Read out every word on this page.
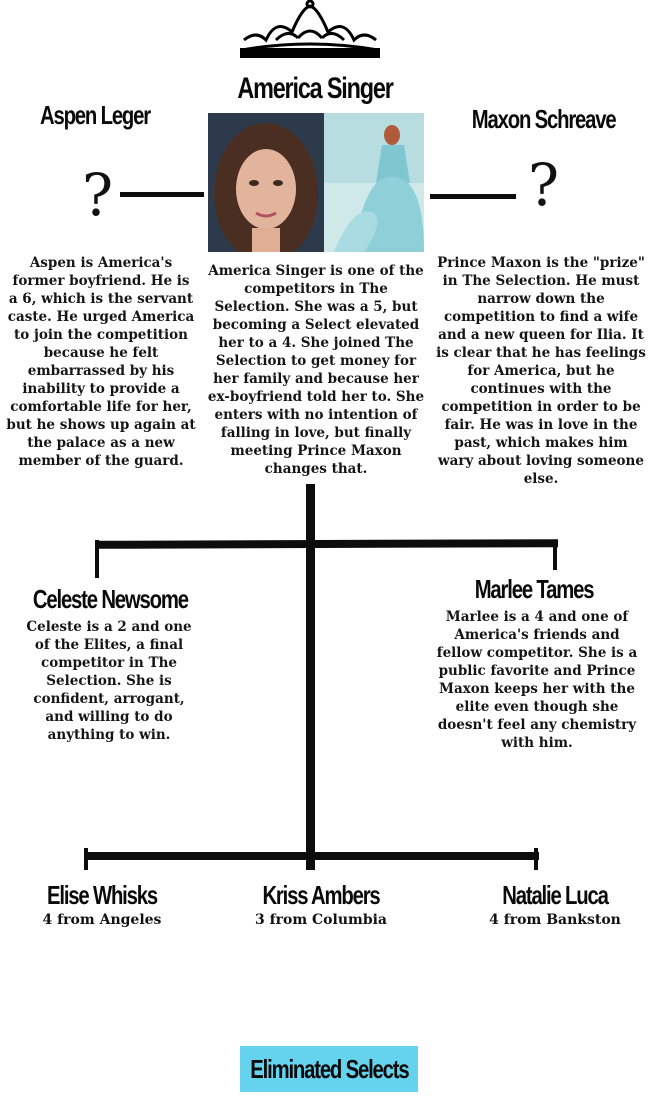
America Singer
Aspen Leger	Maxon Schreave
?	?
Aspen is America's former boyfriend. He is a 6, which is the servant caste. He urged America to join the competition because he felt embarrassed by his inability to provide a comfortable life for her, but he shows up again at the palace as a new member of the guard.
America Singer is one of the competitors in The Selection. She was a 5, but becoming a Select elevated her to a 4. She joined The Selection to get money for her family and because her ex-boyfriend told her to. She enters with no intention of falling in love, but finally meeting Prince Maxon changes that.
Prince Maxon is the "prize" in The Selection. He must narrow down the competition to find a wife and a new queen for Ilia. It is clear that he has feelings for America, but he continues with the competition in order to be fair. He was in love in the past, which makes him wary about loving someone else.
Celeste Newsome
Celeste is a 2 and one of the Elites, a final competitor in The Selection. She is confident, arrogant, and willing to do anything to win.
Marlee Tames
Marlee is a 4 and one of America's friends and fellow competitor. She is a public favorite and Prince Maxon keeps her with the elite even though she doesn't feel any chemistry with him.
Elise Whisks
4 from Angeles
Kriss Ambers
3 from Columbia
Natalie Luca
4 from Bankston
Eliminated Selects
